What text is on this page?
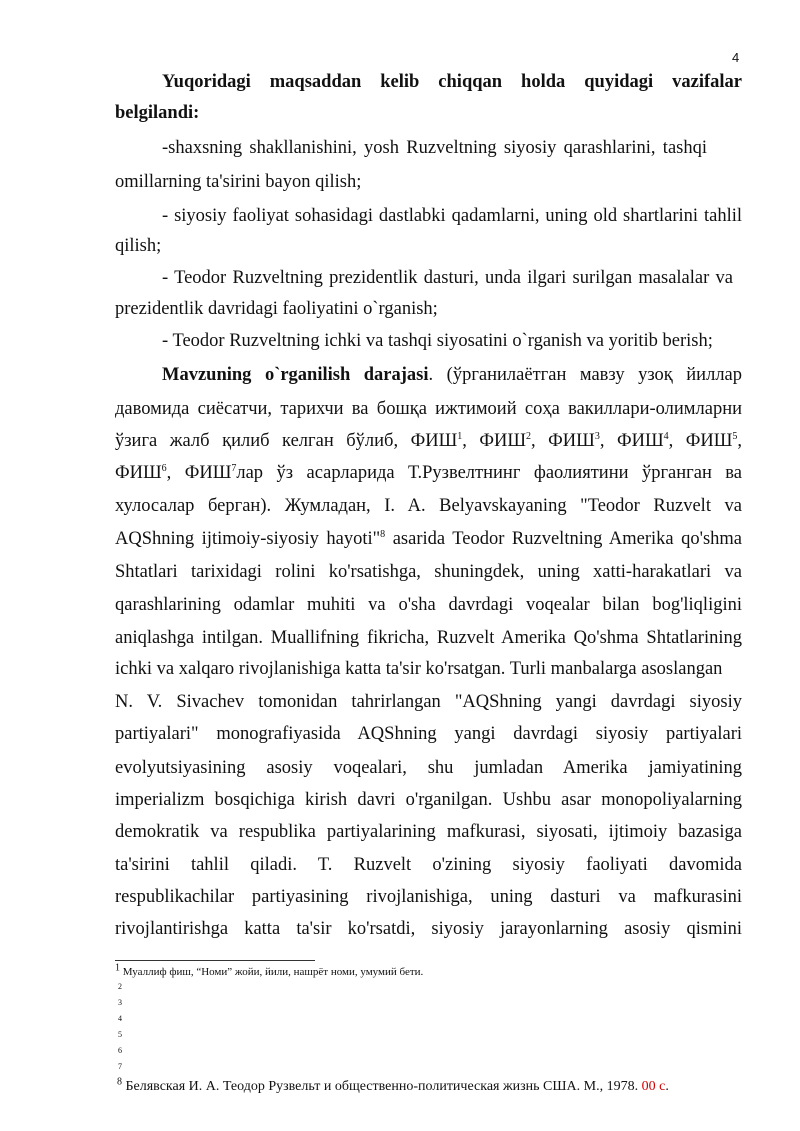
4
Yuqoridagi maqsaddan kelib chiqqan holda quyidagi vazifalar
belgilandi:
-shaxsning shakllanishini, yosh Ruzveltning siyosiy qarashlarini, tashqi
omillarning ta'sirini bayon qilish;
- siyosiy faoliyat sohasidagi dastlabki qadamlarni, uning old shartlarini tahlil
qilish;
- Teodor Ruzveltning prezidentlik dasturi, unda ilgari surilgan masalalar va
prezidentlik davridagi faoliyatini o`rganish;
- Teodor Ruzveltning ichki va tashqi siyosatini o`rganish va yoritib berish;
Mavzuning o`rganilish darajasi. (ўрганилаётган мавзу узоқ йиллар
давомида сиёсатчи, тарихчи ва бошқа ижтимоий соҳа вакиллари-олимларни
ўзига жалб қилиб келган бўлиб, ФИШ$^1$, ФИШ$^2$, ФИШ$^3$, ФИШ$^4$, ФИШ$^5$,
ФИШ$^6$, ФИШ$^7$лар ўз асарларида Т.Рузвелтнинг фаолиятини ўрганган ва
хулосалар берган). Жумладан, I. A. Belyavskayaning "Teodor Ruzvelt va
AQShning ijtimoiy-siyosiy hayoti"$^8$ asarida Teodor Ruzveltning Amerika qo'shma
Shtatlari tarixidagi rolini ko'rsatishga, shuningdek, uning xatti-harakatlari va
qarashlarining odamlar muhiti va o'sha davrdagi voqealar bilan bog'liqligini
aniqlashga intilgan. Muallifning fikricha, Ruzvelt Amerika Qo'shma Shtatlarining
ichki va xalqaro rivojlanishiga katta ta'sir ko'rsatgan. Turli manbalarga asoslangan
N. V. Sivachev tomonidan tahrirlangan "AQShning yangi davrdagi siyosiy
partiyalari" monografiyasida AQShning yangi davrdagi siyosiy partiyalari
evolyutsiyasining asosiy voqealari, shu jumladan Amerika jamiyatining
imperializm bosqichiga kirish davri o'rganilgan. Ushbu asar monopoliyalarning
demokratik va respublika partiyalarining mafkurasi, siyosati, ijtimoiy bazasiga
ta'sirini tahlil qiladi. T. Ruzvelt o'zining siyosiy faoliyati davomida
respublikachilar partiyasining rivojlanishiga, uning dasturi va mafkurasini
rivojlantirishga katta ta'sir ko'rsatdi, siyosiy jarayonlarning asosiy qismini
$^1$ Муаллиф фиш, “Номи” жойи, йили, нашрёт номи, умумий бети.
2
3
4
5
6
7
$^8$ Белявская И. А. Теодор Рузвельт и общественно-политическая жизнь США. М., 1978. 00 с.
